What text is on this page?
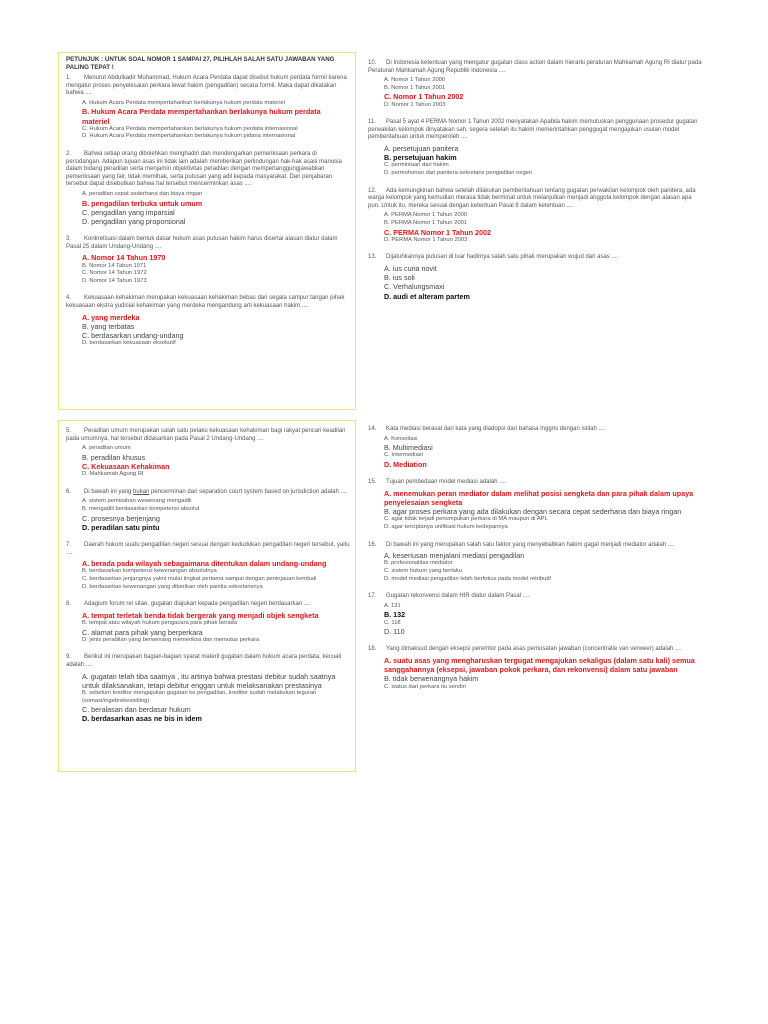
PETUNJUK : UNTUK SOAL NOMOR 1 SAMPAI 27, PILIHLAH SALAH SATU JAWABAN YANG PALING TEPAT !
1. Menurut Abdulkadir Muhammad, Hukum Acara Perdata dapat disebut hukum perdata formil karena mengatur proses penyelesaian perkara lewat hakim (pengadilan) secara formil. Maka dapat dikatakan bahwa ....
A. Hukum Acara Perdata mempertahankan berlakunya hukum perdata materiel
B. Hukum Acara Perdata mempertahankan berlakunya hukum perdata materiel
C. Hukum Acara Perdata mempertahankan berlakunya hukum perdata internasional
D. Hukum Acara Perdata mempertahankan berlakunya hukum pidana internasional
2. Bahwa setiap orang dibolehkan menghadiri dan mendengarkan pemeriksaan perkara di persidangan. Adapun tujuan asas ini tidak lain adalah memberikan perlindungan hak-hak asasi manusia dalam bidang peradilan serta menjamin objektivitas peradilan dengan mempertanggungjawabkan pemeriksaan yang fair, tidak memihak, serta putusan yang adil kepada masyarakat. Dari penjabaran tersebut dapat disebutkan bahwa hal tersebut mencerminkan asas ....
A. peradilan cepat sederhana dan biaya ringan
B. pengadilan terbuka untuk umum
C. pengadilan yang imparsial
D. pengadilan yang proporsional
3. Konkretisasi dalam bentuk dasar hukum asas putusan hakim harus disertai alasan diatur dalam Pasal 25 dalam Undang-Undang ....
A. Nomor 14 Tahun 1970
B. Nomor 14 Tahun 1971
C. Nomor 14 Tahun 1972
D. Nomor 14 Tahun 1973
4. Kekuasaan kehakiman merupakan kekuasaan kehakiman bebas dari segala campur tangan pihak kekuasaan ekstra yudisial kehakiman yang merdeka mengandung arti kekuasaan hakim ....
A. yang merdeka
B. yang terbatas
C. berdasarkan undang-undang
D. berdasarkan kekuasaan eksekutif
10. Di Indonesia ketentuan yang mengatur gugatan class action dalam hierarki peraturan Mahkamah Agung RI diatur pada Peraturan Mahkamah Agung Republik Indonesia ....
A. Nomor 1 Tahun 2000
B. Nomor 1 Tahun 2001
C. Nomor 1 Tahun 2002
D. Nomor 1 Tahun 2003
11. Pasal 5 ayat 4 PERMA Nomor 1 Tahun 2002 menyatakan Apabila hakim memutuskan penggunaan prosedur gugatan perwakilan kelompok dinyatakan sah, segera setelah itu hakim memerintahkan penggugat mengajukan usulan model pemberitahuan untuk memperoleh ....
A. persetujuan panitera
B. persetujuan hakim
C. permintaan dari hakim
D. permohonan dari panitera sekretaris pengadilan negeri
12. Ada kemungkinan bahwa setelah dilakukan pemberitahuan tentang gugatan perwakilan kelompok oleh panitera, ada warga kelompok yang kemudian merasa tidak berminat untuk melanjutkan menjadi anggota kelompok dengan alasan apa pun. Untuk itu, mereka sesuai dengan ketentuan Pasal 8 dalam ketentuan ....
A. PERMA Nomor 1 Tahun 2000
B. PERMA Nomor 1 Tahun 2001
C. PERMA Nomor 1 Tahun 2002
D. PERMA Nomor 1 Tahun 2003
13. Dijatuhkannya putusan di luar hadirnya salah satu pihak merupakan wujud dari asas ....
A. ius curia novit
B. ius soli
C. Verhalungsmaxi
D. audi et alteram partem
5. Peradilan umum merupakan salah satu pelaku kekuasaan kehakiman bagi rakyat pencari keadilan pada umumnya, hal tersebut didasarkan pada Pasal 2 Undang-Undang ....
A. peradilan umum
B. peradilan khusus
C. Kekuasaan Kehakiman
D. Mahkamah Agung RI
6. Di bawah ini yang bukan pencerminan dari separation court system based on jurisdiction adalah ....
A. sistem pemisahan wewenang mengadili
B. mengadili berdasarkan kompetensi absolut
C. prosesnya berjenjang
D. peradilan satu pintu
7. Daerah hukum suatu pengadilan negeri sesuai dengan kedudukan pengadilan negeri tersebut, yaitu ....
A. berada pada wilayah sebagaimana ditentukan dalam undang-undang
B. berdasarkan kompetensi kewenangan absolutnya
C. berdasarkan jenjangnya yakni mulai tingkat pertama sampai dengan peninjauan kembali
D. berdasarkan kewenangan yang diberikan oleh panitia sekretarisnya
8. Adagium forum rei sitae, gugatan diajukan kepada pengadilan negeri berdasarkan ....
A. tempat terletak benda tidak bergerak yang menjadi objek sengketa
B. tempat atau wilayah hukum pengacara para pihak berada
C. alamat para pihak yang berperkara
D. jenis peradilan yang berwenang memeriksa dan memutus perkara
9. Berikut ini merupakan bagian-bagian syarat materil gugatan dalam hukum acara perdata, kecuali adalah ....
A. gugatan telah tiba saatnya , itu artinya bahwa prestasi debitur sudah saatnya untuk dilaksanakan, tetapi debitur enggan untuk melaksanakan prestasinya
B. sebelum kreditor mengajukan gugatan ke pengadilan, kreditor sudah melakukan teguran (somasi/ingebrekestelling)
C. beralasan dan berdasar hukum
D. berdasarkan asas ne bis in idem
14. Kata mediasi berasal dari kata yang diadopsi dari bahasa Inggris dengan istilah ....
A. Konsoliasi
B. Multimediasi
C. Intermediasi
D. Mediation
15. Tujuan pembedaan model mediasi adalah ....
A. menemukan peran mediator dalam melihat posisi sengketa dan para pihak dalam upaya penyelesaian sengketa
B. agar proses perkara yang ada dilakukan dengan secara cepat sederhana dan biaya ringan
C. agar tidak terjadi penumpukan perkara di MA maupun di APL
D. agar terciptanya unifikasi hukum kedepannya
16. Di bawah ini yang merupakan salah satu faktor yang menyebabkan hakim gagal menjadi mediator adalah ....
A. keseriusan menjalani mediasi pengadilan
B. profesionalitas mediator
C. sistem hukum yang berlaku
D. model mediasi pengadilan lebih berfokus pada model retributif
17. Gugatan rekonvensi dalam HIR diatur dalam Pasal ....
A. 131
B. 132
C. 118
D. 110
18. Yang dimaksud dengan eksepsi peremtor pada asas pemusatan jawaban (concentratie van verweer) adalah ....
A. suatu asas yang mengharuskan tergugat mengajukan sekaligus (dalam satu kali) semua sanggahannya (eksepsi, jawaban pokok perkara, dan rekonvensi) dalam satu jawaban
B. tidak berwenangnya hakim
C. status dari perkara itu sendiri
